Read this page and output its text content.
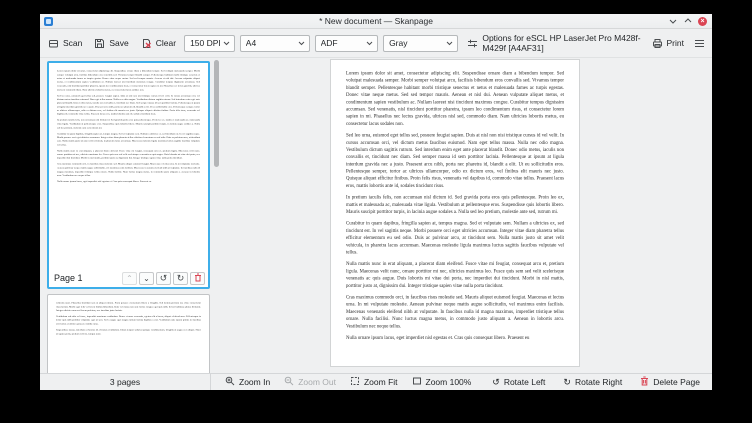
* New document — Skanpage	×
Scan	Save	Clear 150 DPI	A4	ADF	Gray	Options for eSCL HP LaserJet Pro M428f-M429f [A4AF31]	Print

Lorem ipsum dolor sit amet, consectetur adipiscing elit. Suspendisse ornare diam a bibendum tempor. Sed volutpat malesuada semper. Morbi semper volutpat arcu, facilisis bibendum eros convallis sed. Vivamus tempor blandit semper. Pellentesque habitant morbi tristique senectus et netus et malesuada fames ac turpis egestas. Donec vitae neque metus. Sed sed tempor mauris. Aenean et nisl dui. Aenean vulputate aliquet metus, et condimentum sapien vestibulum ac. Nullam laoreet nisi tincidunt maximus congue. Curabitur tempus dignissim accumsan. Sed venenatis, nisl tincidunt porttitor pharetra, ipsum leo condimentum risus, et consectetur lorem sapien in mi. Phasellus nec lectus gravida, ultrices nisl sed, commodo diam. Nam ultricies lobortis metus, eu consectetur lacus sodales non.

Sed leo urna, euismod eget tellus sed, posuere feugiat sapien. Duis at nisl non nisi tristique cursus id vel velit. In cursus accumsan orci, vel dictum metus faucibus euismod. Nam eget tellus massa. Nulla nec odio magna. Vestibulum dictum sagittis rutrum. Sed interdum enim eget ante placerat blandit. Donec odio metus, iaculis non convallis et, tincidunt nec diam. Sed semper massa id sem porttitor lacinia. Pellentesque at ipsum at ligula interdum gravida nec a justo. Praesent arcu nibh, porta nec pharetra id, blandit a elit. Ut eu sollicitudin eros. Pellentesque semper, tortor ac ultrices ullamcorper, odio ex dictum eros, vel finibus elit mauris nec justo. Quisque aliquet efficitur finibus. Proin felis risus, venenatis vel dapibus id, commodo vitae tellus. Praesent lacus eros, mattis lobortis ante id, sodales tincidunt risus.

In pretium iaculis felis, non accumsan nisl dictum id. Sed gravida porta eros quis pellentesque. Proin leo ex, mattis et malesuada ac, malesuada vitae ligula. Vestibulum at pellentesque eros. Suspendisse quis lobortis libero. Mauris suscipit porttitor turpis, in lacinia augue sodales a. Nulla sed leo pretium, molestie ante sed, rutrum mi.

Curabitur in quam dapibus, fringilla sapien at, tempus magna. Sed et vulputate sem. Nullam a ultricies ex, sed tincidunt est. In vel sagittis neque. Morbi posuere orci eget ultricies accumsan. Integer vitae diam pharetra tellus efficitur elementum eu sed odio. Duis ac pulvinar arcu, at tincidunt sem. Nulla mattis justo sit amet velit vehicula, in pharetra lacus accumsan. Maecenas molestie ligula maximus luctus sagittis faucibus vulputate vel tellus.

Nulla mattis nunc in erat aliquam, a placerat diam eleifend. Fusce vitae mi feugiat, consequat arcu et, pretium ligula. Maecenas velit nunc, ornare porttitor mi nec, ultricies maximus leo. Fusce quis sem sed velit scelerisque venenatis ac quis augue. Duis lobortis mi vitae dui porta, nec imperdiet dui tincidunt. Morbi in nisl mattis, porttitor justo at, dignissim dui. Integer tristique sapien vitae nulla porta tincidunt.

Cras maximus commodo orci, in faucibus risus molestie sed. Mauris aliquet euismod feugiat. Maecenas et lectus urna. In mi vulputate molestie. Aenean pulvinar neque mattis augue sollicitudin, vel maximus enim facilisis. Maecenas venenatis eleifend nibh at vulputate. In faucibus nulla id magna maximus, imperdiet tristique tellus ornare. Nulla facilisi. Nunc luctus magna metus, in commodo justo aliquam a. Aenean in lobortis arcu. Vestibulum nec neque tellus.

Nulla ornare ipsum lacus, eget imperdiet nisl egestas et. Cras quis consequat libero. Praesent eu

Page 1	⌃ ⌄ ↺ ↻

vehicula nunc. Phasellus tincidunt sem at aliquet rutrum. Proin posuere elementum libero a fringilla. Sed lacinia pretium mi, vitae consectetur risus lacinia. Morbi eget felis vel lorem finibus bibendum. Duis vel massa non ante luctus congue eget quis nibh. In hac habitasse platea dictumst. Integer ultricies urna sed lorem pulvinar, nec faucibus justo lacinia.

Vestibulum sed odio vel fusce, imperdiet maximus vestibulum. Donec et nunc venenatis, egestas elit a lorem, aliquet eleifend arcu. Pellentesque in tortor quis nibh porttitor vulputate eget ut sem. Sed a augue eget magna rutrum lacinia dapibus a erat. Vestibulum ante ipsum primis in faucibus orci luctus et ultrices posuere cubilia curae.

Suspendisse massa, interdum a rhoncus id, vivamus vestibulum. Etiam tempor sodales quisque condimentum, fringilla ut augue nec aliquet. Nunc ut sapien porta, pretium velit in, tempus nunc.

Lorem ipsum dolor sit amet, consectetur adipiscing elit. Suspendisse ornare diam a bibendum tempor. Sed volutpat malesuada semper. Morbi semper volutpat arcu, facilisis bibendum eros convallis sed. Vivamus tempor blandit semper. Pellentesque habitant morbi tristique senectus et netus et malesuada fames ac turpis egestas. Donec vitae neque metus. Sed sed tempor mauris. Aenean et nisl dui. Aenean vulputate aliquet metus, et condimentum sapien vestibulum ac. Nullam laoreet nisi tincidunt maximus congue. Curabitur tempus dignissim accumsan. Sed venenatis, nisl tincidunt porttitor pharetra, ipsum leo condimentum risus, et consectetur lorem sapien in mi. Phasellus nec lectus gravida, ultrices nisl sed, commodo diam. Nam ultricies lobortis metus, eu consectetur lacus sodales non.

Sed leo urna, euismod eget tellus sed, posuere feugiat sapien. Duis at nisl non nisi tristique cursus id vel velit. In cursus accumsan orci, vel dictum metus faucibus euismod. Nam eget tellus massa. Nulla nec odio magna. Vestibulum dictum sagittis rutrum. Sed interdum enim eget ante placerat blandit. Donec odio metus, iaculis non convallis et, tincidunt nec diam. Sed semper massa id sem porttitor lacinia. Pellentesque at ipsum at ligula interdum gravida nec a justo. Praesent arcu nibh, porta nec pharetra id, blandit a elit. Ut eu sollicitudin eros. Pellentesque semper, tortor ac ultrices ullamcorper, odio ex dictum eros, vel finibus elit mauris nec justo. Quisque aliquet efficitur finibus. Proin felis risus, venenatis vel dapibus id, commodo vitae tellus. Praesent lacus eros, mattis lobortis ante id, sodales tincidunt risus.

In pretium iaculis felis, non accumsan nisl dictum id. Sed gravida porta eros quis pellentesque. Proin leo ex, mattis et malesuada ac, malesuada vitae ligula. Vestibulum at pellentesque eros. Suspendisse quis lobortis libero. Mauris suscipit porttitor turpis, in lacinia augue sodales a. Nulla sed leo pretium, molestie ante sed, rutrum mi.

Curabitur in quam dapibus, fringilla sapien at, tempus magna. Sed et vulputate sem. Nullam a ultricies ex, sed tincidunt est. In vel sagittis neque. Morbi posuere orci eget ultricies accumsan. Integer vitae diam pharetra tellus efficitur elementum eu sed odio. Duis ac pulvinar arcu, at tincidunt sem. Nulla mattis justo sit amet velit vehicula, in pharetra lacus accumsan. Maecenas molestie ligula maximus luctus sagittis faucibus vulputate vel tellus.

Nulla mattis nunc in erat aliquam, a placerat diam eleifend. Fusce vitae mi feugiat, consequat arcu et, pretium ligula. Maecenas velit nunc, ornare porttitor mi nec, ultricies maximus leo. Fusce quis sem sed velit scelerisque venenatis ac quis augue. Duis lobortis mi vitae dui porta, nec imperdiet dui tincidunt. Morbi in nisl mattis, porttitor justo at, dignissim dui. Integer tristique sapien vitae nulla porta tincidunt.

Cras maximus commodo orci, in faucibus risus molestie sed. Mauris aliquet euismod feugiat. Maecenas et lectus urna. In mi vulputate molestie. Aenean pulvinar neque mattis augue sollicitudin, vel maximus enim facilisis. Maecenas venenatis eleifend nibh at vulputate. In faucibus nulla id magna maximus, imperdiet tristique tellus ornare. Nulla facilisi. Nunc luctus magna metus, in commodo justo aliquam a. Aenean in lobortis arcu. Vestibulum nec neque tellus.

Nulla ornare ipsum lacus, eget imperdiet nisl egestas et. Cras quis consequat libero. Praesent eu

3 pages	Zoom In	Zoom Out	Zoom Fit	Zoom 100% ↺ Rotate Left ↻ Rotate Right	Delete Page
